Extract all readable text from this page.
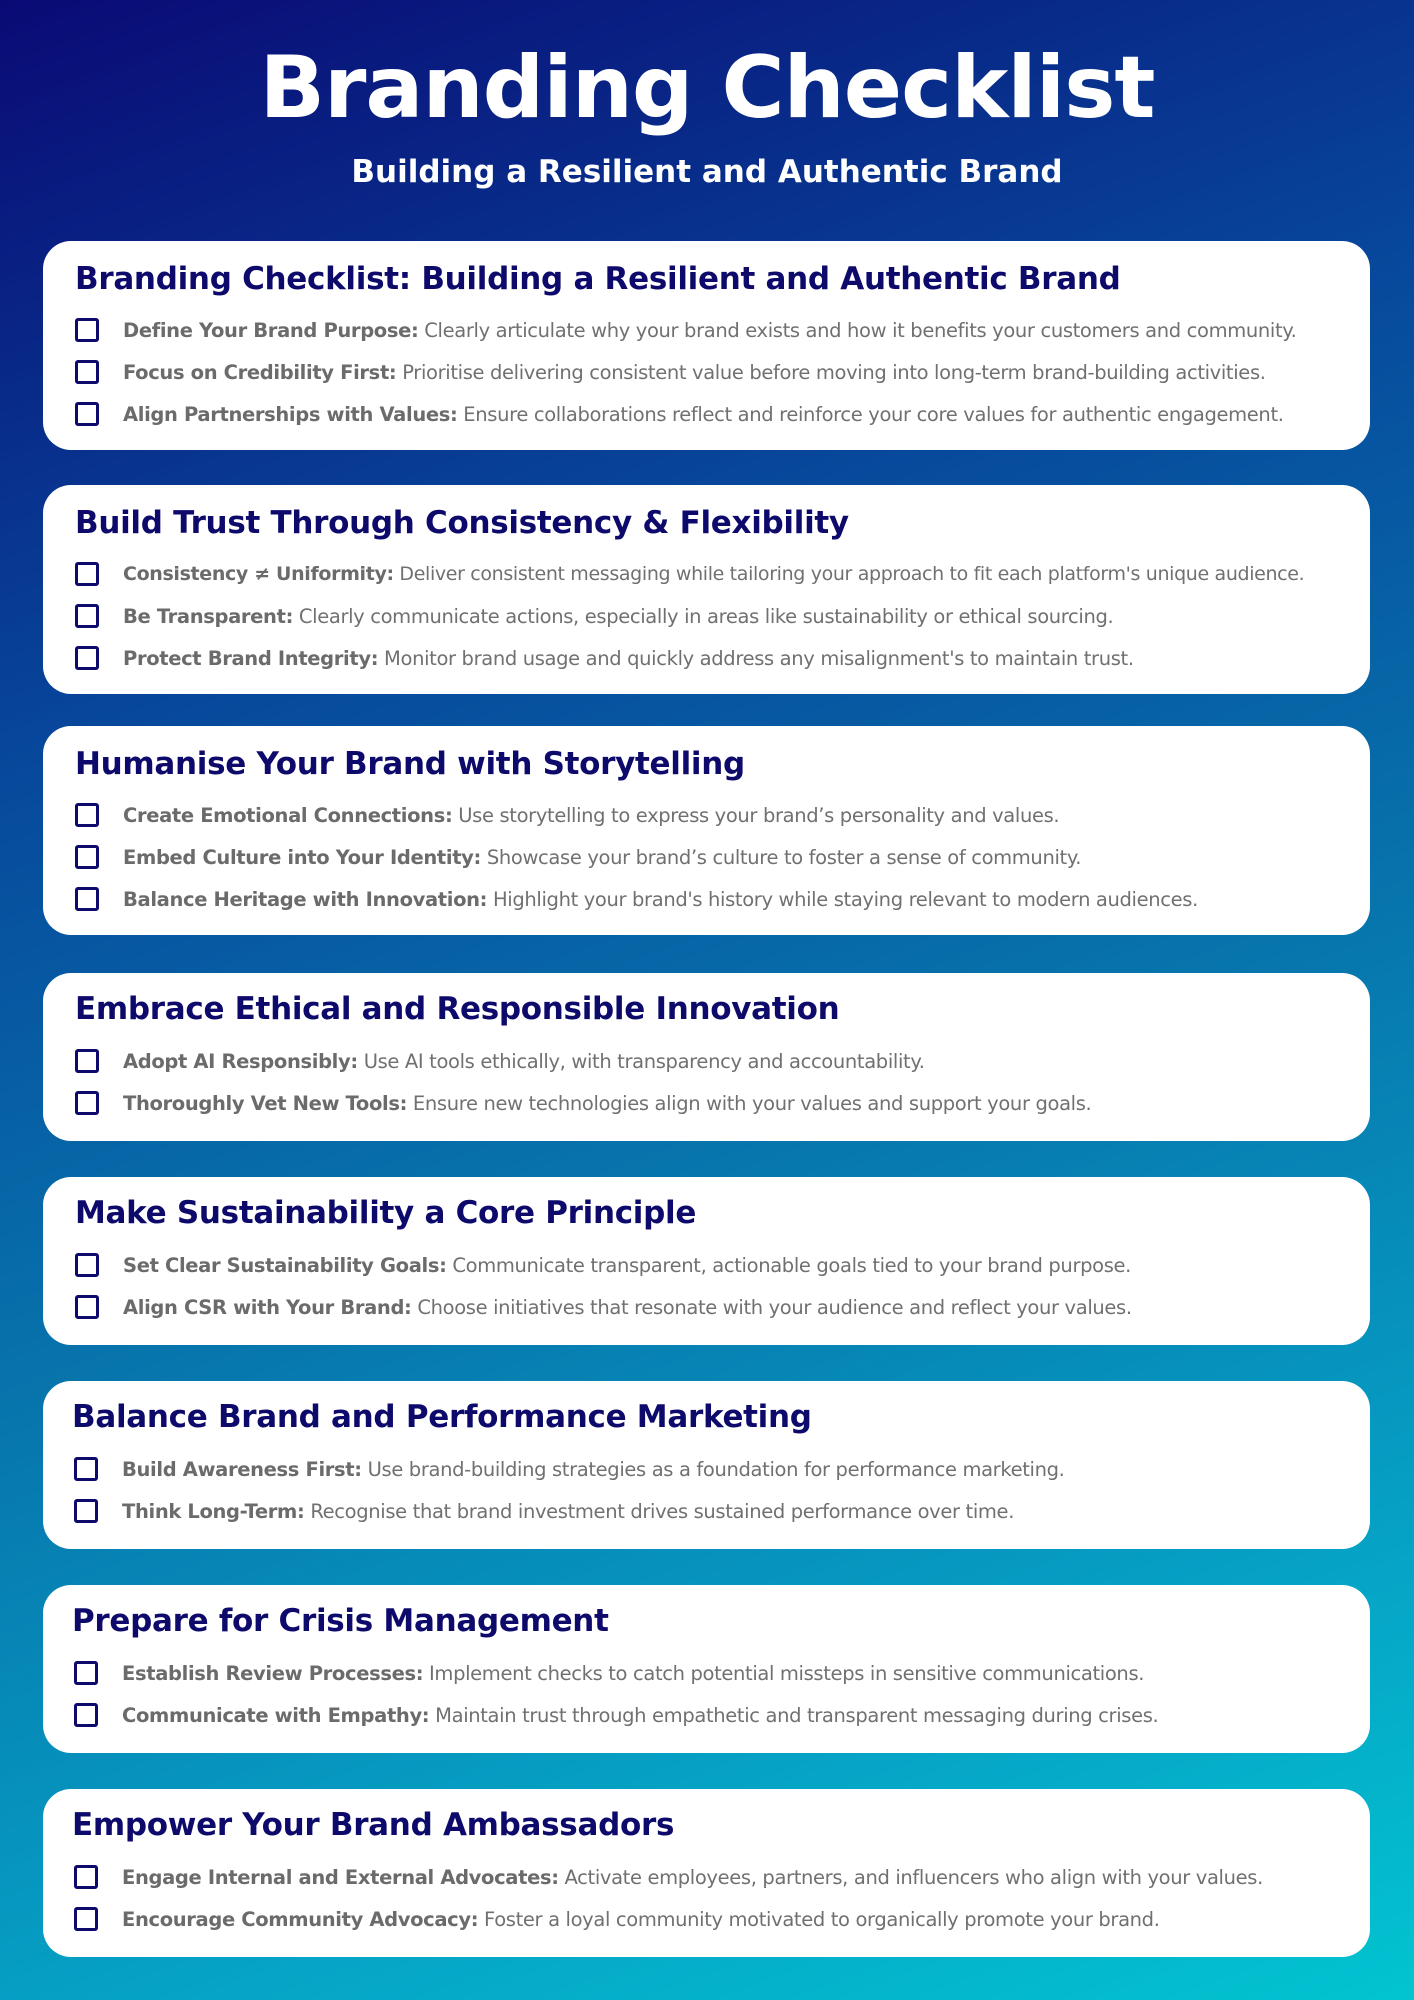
Branding Checklist
Building a Resilient and Authentic Brand
Branding Checklist: Building a Resilient and Authentic Brand
Define Your Brand Purpose: Clearly articulate why your brand exists and how it benefits your customers and community.
Focus on Credibility First: Prioritise delivering consistent value before moving into long-term brand-building activities.
Align Partnerships with Values: Ensure collaborations reflect and reinforce your core values for authentic engagement.
Build Trust Through Consistency & Flexibility
Consistency ≠ Uniformity: Deliver consistent messaging while tailoring your approach to fit each platform's unique audience.
Be Transparent: Clearly communicate actions, especially in areas like sustainability or ethical sourcing.
Protect Brand Integrity: Monitor brand usage and quickly address any misalignment's to maintain trust.
Humanise Your Brand with Storytelling
Create Emotional Connections: Use storytelling to express your brand’s personality and values.
Embed Culture into Your Identity: Showcase your brand’s culture to foster a sense of community.
Balance Heritage with Innovation: Highlight your brand's history while staying relevant to modern audiences.
Embrace Ethical and Responsible Innovation
Adopt AI Responsibly: Use AI tools ethically, with transparency and accountability.
Thoroughly Vet New Tools: Ensure new technologies align with your values and support your goals.
Make Sustainability a Core Principle
Set Clear Sustainability Goals: Communicate transparent, actionable goals tied to your brand purpose.
Align CSR with Your Brand: Choose initiatives that resonate with your audience and reflect your values.
Balance Brand and Performance Marketing
Build Awareness First: Use brand-building strategies as a foundation for performance marketing.
Think Long-Term: Recognise that brand investment drives sustained performance over time.
Prepare for Crisis Management
Establish Review Processes: Implement checks to catch potential missteps in sensitive communications.
Communicate with Empathy: Maintain trust through empathetic and transparent messaging during crises.
Empower Your Brand Ambassadors
Engage Internal and External Advocates: Activate employees, partners, and influencers who align with your values.
Encourage Community Advocacy: Foster a loyal community motivated to organically promote your brand.
